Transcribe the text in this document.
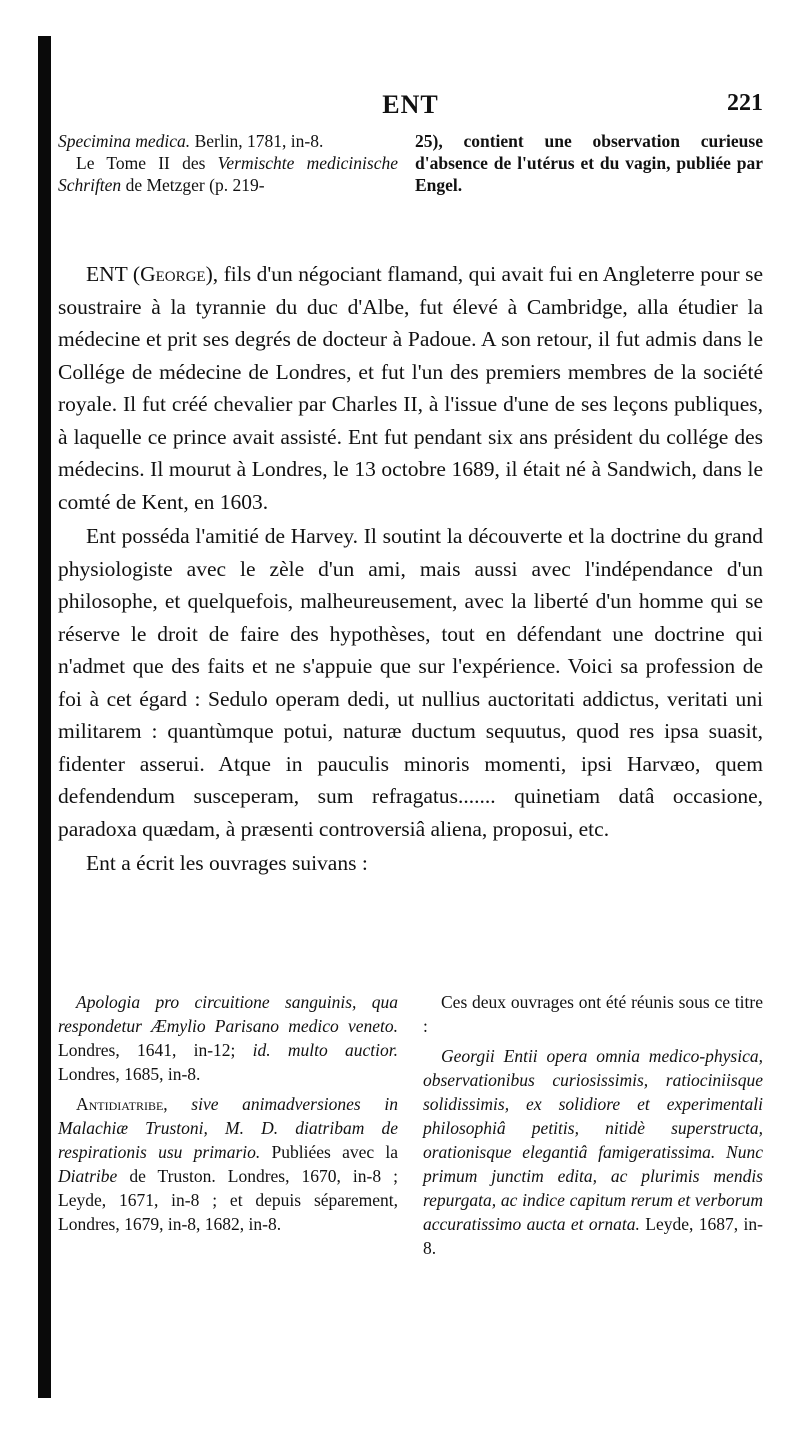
ENT	221

Specimina medica. Berlin, 1781, in-8.

Le Tome II des Vermischte medicinische Schriften de Metzger (p. 219-

25), contient une observation curieuse d'absence de l'utérus et du vagin, publiée par Engel.

ENT (George), fils d'un négociant flamand, qui avait fui en Angleterre pour se soustraire à la tyrannie du duc d'Albe, fut élevé à Cambridge, alla étudier la médecine et prit ses degrés de docteur à Padoue. A son retour, il fut admis dans le Collége de médecine de Londres, et fut l'un des premiers membres de la société royale. Il fut créé chevalier par Charles II, à l'issue d'une de ses leçons publiques, à laquelle ce prince avait assisté. Ent fut pendant six ans président du collége des médecins. Il mourut à Londres, le 13 octobre 1689, il était né à Sandwich, dans le comté de Kent, en 1603.

Ent posséda l'amitié de Harvey. Il soutint la découverte et la doctrine du grand physiologiste avec le zèle d'un ami, mais aussi avec l'indépendance d'un philosophe, et quelquefois, malheureusement, avec la liberté d'un homme qui se réserve le droit de faire des hypothèses, tout en défendant une doctrine qui n'admet que des faits et ne s'appuie que sur l'expérience. Voici sa profession de foi à cet égard : Sedulo operam dedi, ut nullius auctoritati addictus, veritati uni militarem : quantùmque potui, naturæ ductum sequutus, quod res ipsa suasit, fidenter asserui. Atque in pauculis minoris momenti, ipsi Harvæo, quem defendendum susceperam, sum refragatus....... quinetiam datâ occasione, paradoxa quædam, à præsenti controversiâ aliena, proposui, etc.

Ent a écrit les ouvrages suivans :

Apologia pro circuitione sanguinis, qua respondetur Æmylio Parisano medico veneto. Londres, 1641, in-12; id. multo auctior. Londres, 1685, in-8.

Antidiatribe, sive animadversiones in Malachiæ Trustoni, M. D. diatribam de respirationis usu primario. Publiées avec la Diatribe de Truston. Londres, 1670, in-8 ; Leyde, 1671, in-8 ; et depuis séparement, Londres, 1679, in-8, 1682, in-8.

Ces deux ouvrages ont été réunis sous ce titre :

Georgii Entii opera omnia medico-physica, observationibus curiosissimis, ratiociniisque solidissimis, ex solidiore et experimentali philosophiâ petitis, nitidè superstructa, orationisque elegantiâ famigeratissima. Nunc primum junctim edita, ac plurimis mendis repurgata, ac indice capitum rerum et verborum accuratissimo aucta et ornata. Leyde, 1687, in-8.
